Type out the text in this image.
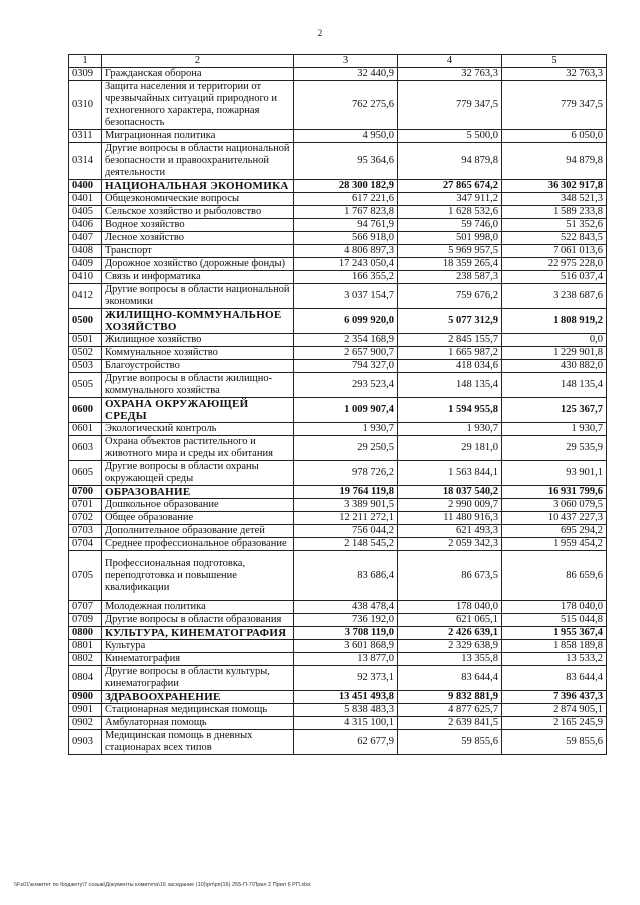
2
1	2	3	4	5
0309	Гражданская оборона	32 440,9	32 763,3	32 763,3
0310	Защита населения и территории от чрезвычайных ситуаций природного и техногенного характера, пожарная безопасность	762 275,6	779 347,5	779 347,5
0311	Миграционная политика	4 950,0	5 500,0	6 050,0
0314	Другие вопросы в области национальной безопасности и правоохранительной деятельности	95 364,6	94 879,8	94 879,8
0400	НАЦИОНАЛЬНАЯ ЭКОНОМИКА	28 300 182,9	27 865 674,2	36 302 917,8
0401	Общеэкономические вопросы	617 221,6	347 911,2	348 521,3
0405	Сельское хозяйство и рыболовство	1 767 823,8	1 628 532,6	1 589 233,8
0406	Водное хозяйство	94 761,9	59 746,0	51 352,6
0407	Лесное хозяйство	566 918,0	501 998,0	522 843,5
0408	Транспорт	4 806 897,3	5 969 957,5	7 061 013,6
0409	Дорожное хозяйство (дорожные фонды)	17 243 050,4	18 359 265,4	22 975 228,0
0410	Связь и информатика	166 355,2	238 587,3	516 037,4
0412	Другие вопросы в области национальной экономики	3 037 154,7	759 676,2	3 238 687,6
0500	ЖИЛИЩНО-КОММУНАЛЬНОЕ ХОЗЯЙСТВО	6 099 920,0	5 077 312,9	1 808 919,2
0501	Жилищное хозяйство	2 354 168,9	2 845 155,7	0,0
0502	Коммунальное хозяйство	2 657 900,7	1 665 987,2	1 229 901,8
0503	Благоустройство	794 327,0	418 034,6	430 882,0
0505	Другие вопросы в области жилищно-коммунального хозяйства	293 523,4	148 135,4	148 135,4
0600	ОХРАНА ОКРУЖАЮЩЕЙ СРЕДЫ	1 009 907,4	1 594 955,8	125 367,7
0601	Экологический контроль	1 930,7	1 930,7	1 930,7
0603	Охрана объектов растительного и животного мира и среды их обитания	29 250,5	29 181,0	29 535,9
0605	Другие вопросы в области охраны окружающей среды	978 726,2	1 563 844,1	93 901,1
0700	ОБРАЗОВАНИЕ	19 764 119,8	18 037 540,2	16 931 799,6
0701	Дошкольное образование	3 389 901,5	2 990 009,7	3 060 079,5
0702	Общее образование	12 211 272,1	11 480 916,3	10 437 227,3
0703	Дополнительное образование детей	756 044,2	621 493,3	695 294,2
0704	Среднее профессиональное образование	2 148 545,2	2 059 342,3	1 959 454,2
0705	Профессиональная подготовка, переподготовка и повышение квалификации	83 686,4	86 673,5	86 659,6
0707	Молодежная политика	438 478,4	178 040,0	178 040,0
0709	Другие вопросы в области образования	736 192,0	621 065,1	515 044,8
0800	КУЛЬТУРА, КИНЕМАТОГРАФИЯ	3 708 119,0	2 426 639,1	1 955 367,4
0801	Культура	3 601 868,9	2 329 638,9	1 858 189,8
0802	Кинематография	13 877,0	13 355,8	13 533,2
0804	Другие вопросы в области культуры, кинематографии	92 373,1	83 644,4	83 644,4
0900	ЗДРАВООХРАНЕНИЕ	13 451 493,8	9 832 881,9	7 396 437,3
0901	Стационарная медицинская помощь	5 838 483,3	4 877 625,7	2 874 905,1
0902	Амбулаторная помощь	4 315 100,1	2 639 841,5	2 165 245,9
0903	Медицинская помощь в дневных стационарах всех типов	62 677,9	59 855,6	59 855,6
\\Fs01\комитет по бюджету\7 созыв\Документы комитета\16 заседание (10)\рп\рп(16) 255-П-7\Прил 2 Прил 6 РП.xlsx
